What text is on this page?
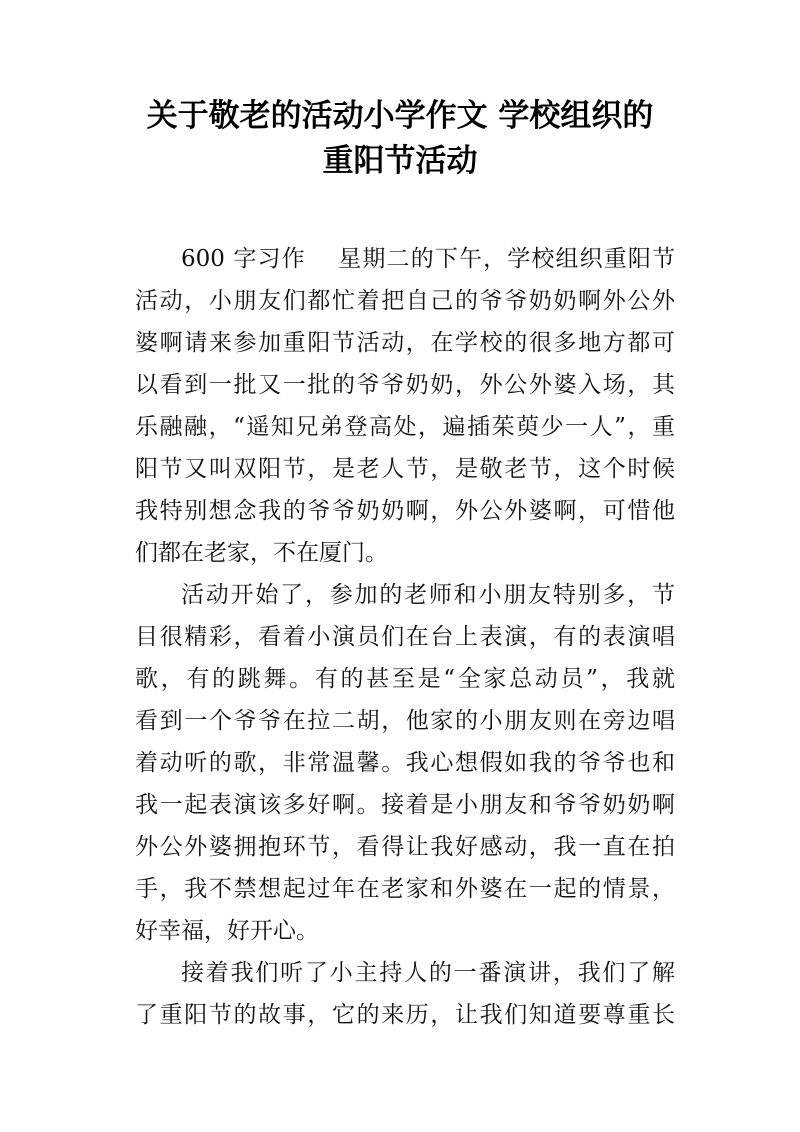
关于敬老的活动小学作文 学校组织的
重阳节活动
600 字习作　 星期二的下午，学校组织重阳节
活动，小朋友们都忙着把自己的爷爷奶奶啊外公外
婆啊请来参加重阳节活动，在学校的很多地方都可
以看到一批又一批的爷爷奶奶，外公外婆入场，其
乐融融，“遥知兄弟登高处，遍插茱萸少一人”，重
阳节又叫双阳节，是老人节，是敬老节，这个时候
我特别想念我的爷爷奶奶啊，外公外婆啊，可惜他
们都在老家，不在厦门。
活动开始了，参加的老师和小朋友特别多，节
目很精彩，看着小演员们在台上表演，有的表演唱
歌，有的跳舞。有的甚至是“全家总动员”，我就
看到一个爷爷在拉二胡，他家的小朋友则在旁边唱
着动听的歌，非常温馨。我心想假如我的爷爷也和
我一起表演该多好啊。接着是小朋友和爷爷奶奶啊
外公外婆拥抱环节，看得让我好感动，我一直在拍
手，我不禁想起过年在老家和外婆在一起的情景，
好幸福，好开心。
接着我们听了小主持人的一番演讲，我们了解
了重阳节的故事，它的来历，让我们知道要尊重长
